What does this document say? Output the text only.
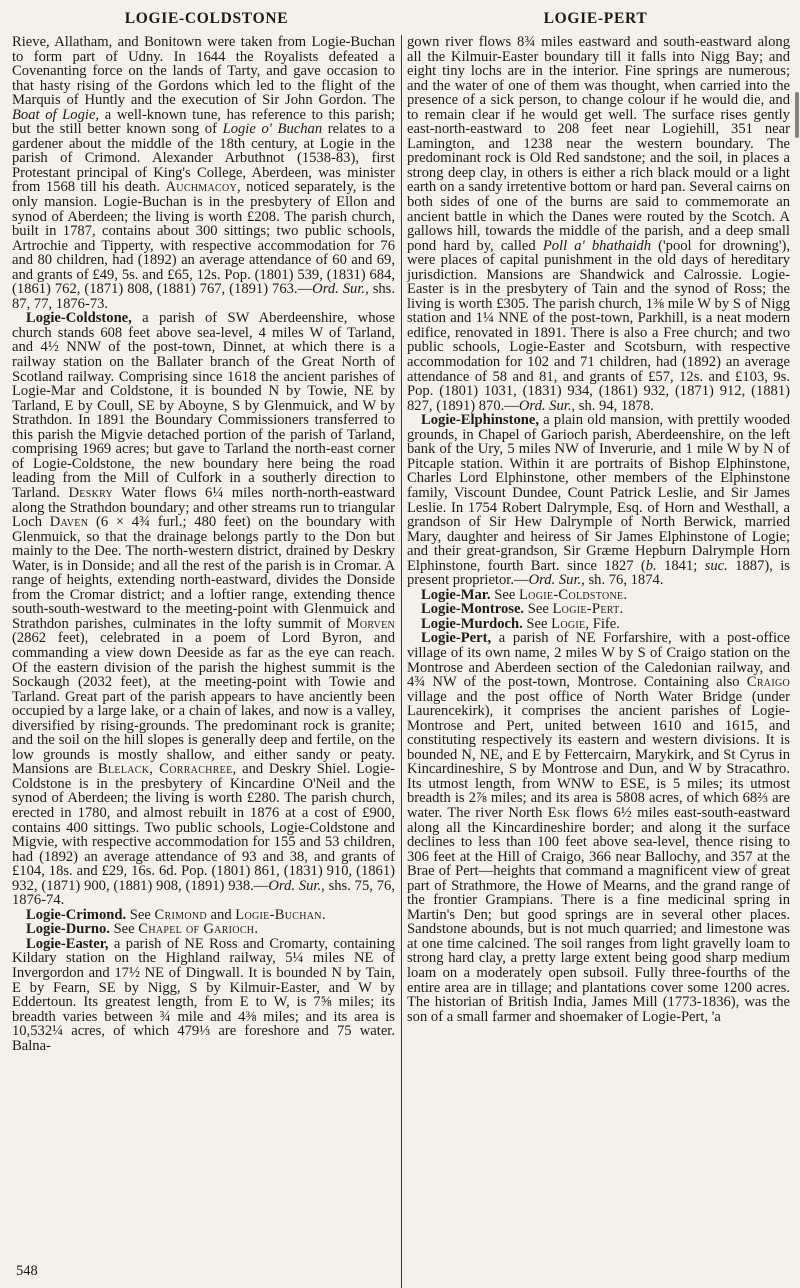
LOGIE-COLDSTONE	LOGIE-PERT

Rieve, Allatham, and Bonitown were taken from Logie-Buchan to form part of Udny. In 1644 the Royalists defeated a Covenanting force on the lands of Tarty, and gave occasion to that hasty rising of the Gordons which led to the flight of the Marquis of Huntly and the execution of Sir John Gordon. The Boat of Logie, a well-known tune, has reference to this parish; but the still better known song of Logie o' Buchan relates to a gardener about the middle of the 18th century, at Logie in the parish of Crimond. Alexander Arbuthnot (1538-83), first Protestant principal of King's College, Aberdeen, was minister from 1568 till his death. Auchmacoy, noticed separately, is the only mansion. Logie-Buchan is in the presbytery of Ellon and synod of Aberdeen; the living is worth £208. The parish church, built in 1787, contains about 300 sittings; two public schools, Artrochie and Tipperty, with respective accommodation for 76 and 80 children, had (1892) an average attendance of 60 and 69, and grants of £49, 5s. and £65, 12s. Pop. (1801) 539, (1831) 684, (1861) 762, (1871) 808, (1881) 767, (1891) 763.—Ord. Sur., shs. 87, 77, 1876-73.

Logie-Coldstone, a parish of SW Aberdeenshire, whose church stands 608 feet above sea-level, 4 miles W of Tarland, and 4½ NNW of the post-town, Dinnet, at which there is a railway station on the Ballater branch of the Great North of Scotland railway. Comprising since 1618 the ancient parishes of Logie-Mar and Coldstone, it is bounded N by Towie, NE by Tarland, E by Coull, SE by Aboyne, S by Glenmuick, and W by Strathdon. In 1891 the Boundary Commissioners transferred to this parish the Migvie detached portion of the parish of Tarland, comprising 1969 acres; but gave to Tarland the north-east corner of Logie-Coldstone, the new boundary here being the road leading from the Mill of Culfork in a southerly direction to Tarland. Deskry Water flows 6¼ miles north-north-eastward along the Strathdon boundary; and other streams run to triangular Loch Daven (6 × 4¾ furl.; 480 feet) on the boundary with Glenmuick, so that the drainage belongs partly to the Don but mainly to the Dee. The north-western district, drained by Deskry Water, is in Donside; and all the rest of the parish is in Cromar. A range of heights, extending north-eastward, divides the Donside from the Cromar district; and a loftier range, extending thence south-south-westward to the meeting-point with Glenmuick and Strathdon parishes, culminates in the lofty summit of Morven (2862 feet), celebrated in a poem of Lord Byron, and commanding a view down Deeside as far as the eye can reach. Of the eastern division of the parish the highest summit is the Sockaugh (2032 feet), at the meeting-point with Towie and Tarland. Great part of the parish appears to have anciently been occupied by a large lake, or a chain of lakes, and now is a valley, diversified by rising-grounds. The predominant rock is granite; and the soil on the hill slopes is generally deep and fertile, on the low grounds is mostly shallow, and either sandy or peaty. Mansions are Blelack, Corrachree, and Deskry Shiel. Logie-Coldstone is in the presbytery of Kincardine O'Neil and the synod of Aberdeen; the living is worth £280. The parish church, erected in 1780, and almost rebuilt in 1876 at a cost of £900, contains 400 sittings. Two public schools, Logie-Coldstone and Migvie, with respective accommodation for 155 and 53 children, had (1892) an average attendance of 93 and 38, and grants of £104, 18s. and £29, 16s. 6d. Pop. (1801) 861, (1831) 910, (1861) 932, (1871) 900, (1881) 908, (1891) 938.—Ord. Sur., shs. 75, 76, 1876-74.

Logie-Crimond. See Crimond and Logie-Buchan.

Logie-Durno. See Chapel of Garioch.

Logie-Easter, a parish of NE Ross and Cromarty, containing Kildary station on the Highland railway, 5¼ miles NE of Invergordon and 17½ NE of Dingwall. It is bounded N by Tain, E by Fearn, SE by Nigg, S by Kilmuir-Easter, and W by Eddertoun. Its greatest length, from E to W, is 7⅝ miles; its breadth varies between ¾ mile and 4⅜ miles; and its area is 10,532¼ acres, of which 479⅓ are foreshore and 75 water. Balna-

gown river flows 8¾ miles eastward and south-eastward along all the Kilmuir-Easter boundary till it falls into Nigg Bay; and eight tiny lochs are in the interior. Fine springs are numerous; and the water of one of them was thought, when carried into the presence of a sick person, to change colour if he would die, and to remain clear if he would get well. The surface rises gently east-north-eastward to 208 feet near Logiehill, 351 near Lamington, and 1238 near the western boundary. The predominant rock is Old Red sandstone; and the soil, in places a strong deep clay, in others is either a rich black mould or a light earth on a sandy irretentive bottom or hard pan. Several cairns on both sides of one of the burns are said to commemorate an ancient battle in which the Danes were routed by the Scotch. A gallows hill, towards the middle of the parish, and a deep small pond hard by, called Poll a' bhathaidh ('pool for drowning'), were places of capital punishment in the old days of hereditary jurisdiction. Mansions are Shandwick and Calrossie. Logie-Easter is in the presbytery of Tain and the synod of Ross; the living is worth £305. The parish church, 1⅜ mile W by S of Nigg station and 1¼ NNE of the post-town, Parkhill, is a neat modern edifice, renovated in 1891. There is also a Free church; and two public schools, Logie-Easter and Scotsburn, with respective accommodation for 102 and 71 children, had (1892) an average attendance of 58 and 81, and grants of £57, 12s. and £103, 9s. Pop. (1801) 1031, (1831) 934, (1861) 932, (1871) 912, (1881) 827, (1891) 870.—Ord. Sur., sh. 94, 1878.

Logie-Elphinstone, a plain old mansion, with prettily wooded grounds, in Chapel of Garioch parish, Aberdeenshire, on the left bank of the Ury, 5 miles NW of Inverurie, and 1 mile W by N of Pitcaple station. Within it are portraits of Bishop Elphinstone, Charles Lord Elphinstone, other members of the Elphinstone family, Viscount Dundee, Count Patrick Leslie, and Sir James Leslie. In 1754 Robert Dalrymple, Esq. of Horn and Westhall, a grandson of Sir Hew Dalrymple of North Berwick, married Mary, daughter and heiress of Sir James Elphinstone of Logie; and their great-grandson, Sir Græme Hepburn Dalrymple Horn Elphinstone, fourth Bart. since 1827 (b. 1841; suc. 1887), is present proprietor.—Ord. Sur., sh. 76, 1874.

Logie-Mar. See Logie-Coldstone.

Logie-Montrose. See Logie-Pert.

Logie-Murdoch. See Logie, Fife.

Logie-Pert, a parish of NE Forfarshire, with a post-office village of its own name, 2 miles W by S of Craigo station on the Montrose and Aberdeen section of the Caledonian railway, and 4¾ NW of the post-town, Montrose. Containing also Craigo village and the post office of North Water Bridge (under Laurencekirk), it comprises the ancient parishes of Logie-Montrose and Pert, united between 1610 and 1615, and constituting respectively its eastern and western divisions. It is bounded N, NE, and E by Fettercairn, Marykirk, and St Cyrus in Kincardineshire, S by Montrose and Dun, and W by Stracathro. Its utmost length, from WNW to ESE, is 5 miles; its utmost breadth is 2⅞ miles; and its area is 5808 acres, of which 68⅔ are water. The river North Esk flows 6½ miles east-south-eastward along all the Kincardineshire border; and along it the surface declines to less than 100 feet above sea-level, thence rising to 306 feet at the Hill of Craigo, 366 near Ballochy, and 357 at the Brae of Pert—heights that command a magnificent view of great part of Strathmore, the Howe of Mearns, and the grand range of the frontier Grampians. There is a fine medicinal spring in Martin's Den; but good springs are in several other places. Sandstone abounds, but is not much quarried; and limestone was at one time calcined. The soil ranges from light gravelly loam to strong hard clay, a pretty large extent being good sharp medium loam on a moderately open subsoil. Fully three-fourths of the entire area are in tillage; and plantations cover some 1200 acres. The historian of British India, James Mill (1773-1836), was the son of a small farmer and shoemaker of Logie-Pert, 'a

548
